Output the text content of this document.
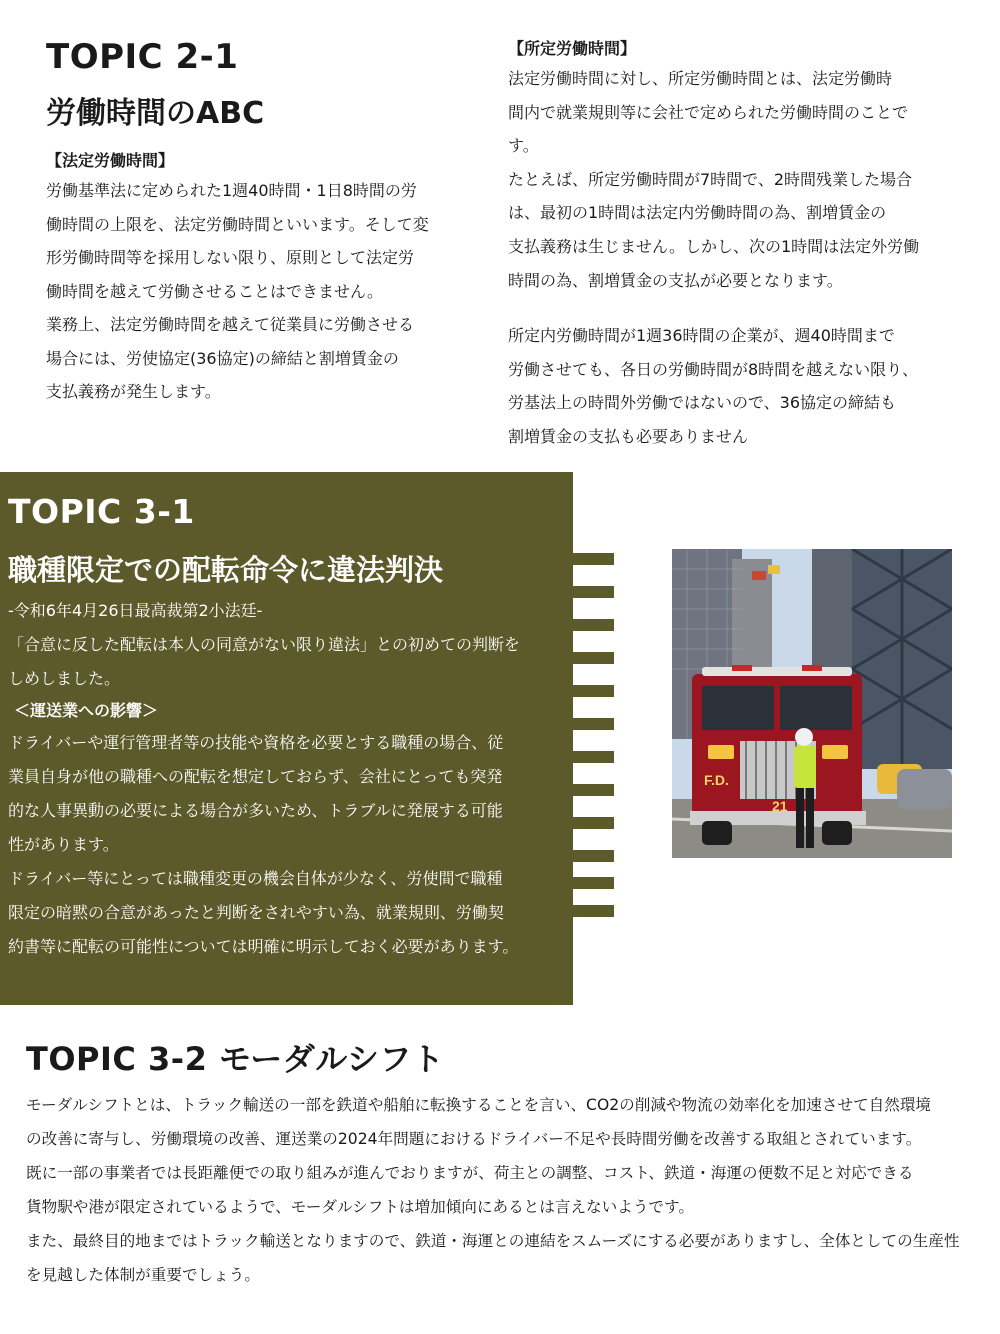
TOPIC 2-1
労働時間のABC
【法定労働時間】

労働基準法に定められた1週40時間・1日8時間の労

働時間の上限を、法定労働時間といいます。そして変

形労働時間等を採用しない限り、原則として法定労

働時間を越えて労働させることはできません。

業務上、法定労働時間を越えて従業員に労働させる

場合には、労使協定(36協定)の締結と割増賃金の

支払義務が発生します。

【所定労働時間】

法定労働時間に対し、所定労働時間とは、法定労働時

間内で就業規則等に会社で定められた労働時間のことで

す。

たとえば、所定労働時間が7時間で、2時間残業した場合

は、最初の1時間は法定内労働時間の為、割増賃金の

支払義務は生じません。しかし、次の1時間は法定外労働

時間の為、割増賃金の支払が必要となります。

所定内労働時間が1週36時間の企業が、週40時間まで

労働させても、各日の労働時間が8時間を越えない限り、

労基法上の時間外労働ではないので、36協定の締結も

割増賃金の支払も必要ありません

TOPIC 3-1
職種限定での配転命令に違法判決

-令和6年4月26日最高裁第2小法廷-

「合意に反した配転は本人の同意がない限り違法」との初めての判断を

しめしました。

＜運送業への影響＞

ドライバーや運行管理者等の技能や資格を必要とする職種の場合、従

業員自身が他の職種への配転を想定しておらず、会社にとっても突発

的な人事異動の必要による場合が多いため、トラブルに発展する可能

性があります。

ドライバー等にとっては職種変更の機会自体が少なく、労使間で職種

限定の暗黙の合意があったと判断をされやすい為、就業規則、労働契

約書等に配転の可能性については明確に明示しておく必要があります。

F.D.
21
TOPIC 3-2 モーダルシフト

モーダルシフトとは、トラック輸送の一部を鉄道や船舶に転換することを言い、CO2の削減や物流の効率化を加速させて自然環境

の改善に寄与し、労働環境の改善、運送業の2024年問題におけるドライバー不足や長時間労働を改善する取組とされています。

既に一部の事業者では長距離便での取り組みが進んでおりますが、荷主との調整、コスト、鉄道・海運の便数不足と対応できる

貨物駅や港が限定されているようで、モーダルシフトは増加傾向にあるとは言えないようです。

また、最終目的地まではトラック輸送となりますので、鉄道・海運との連結をスムーズにする必要がありますし、全体としての生産性

を見越した体制が重要でしょう。
